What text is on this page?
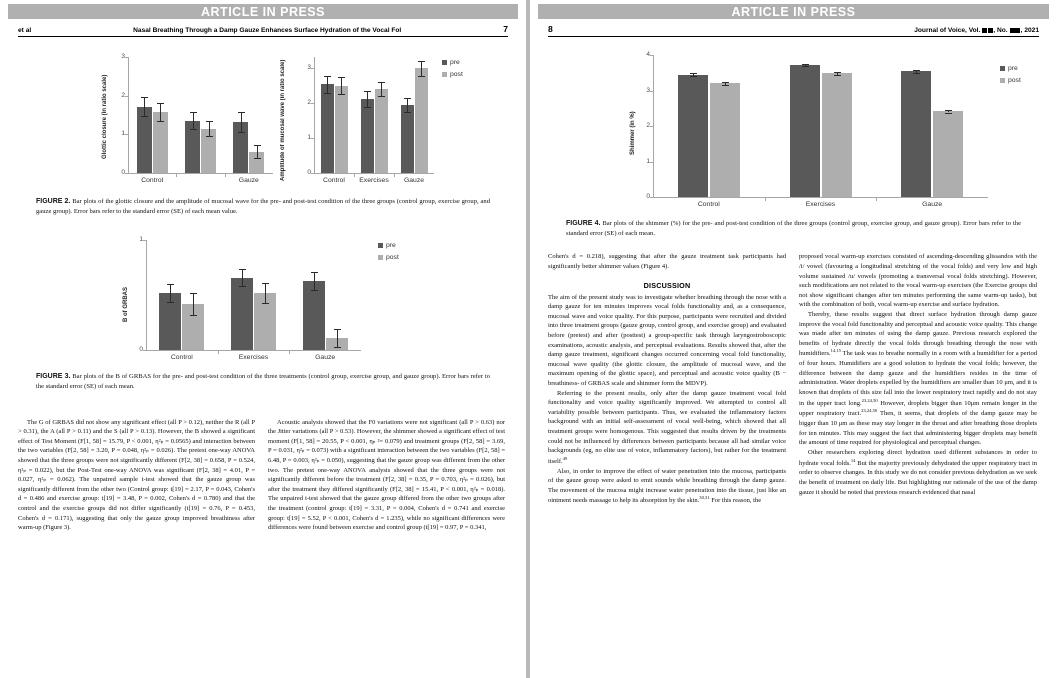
ARTICLE IN PRESS
et al	Nasal Breathing Through a Damp Gauze Enhances Surface Hydration of the Vocal Fol	7
Glottic closure (in ratio scale)
0
1
2
3
Control	Gauze	Amplitude of mucosal wave (in ratio scale)	0
1
2
3
Control	Exercises	Gauze
pre
post
FIGURE 2. Bar plots of the glottic closure and the amplitude of mucosal wave for the pre- and post-test condition of the three groups (control group, exercise group, and gauze group). Error bars refer to the standard error (SE) of each mean value.
B of GRBAS
0
1
Control	Exercises	Gauze
pre
post
FIGURE 3. Bar plots of the B of GRBAS for the pre- and post-test condition of the three treatments (control group, exercise group, and gauze group). Error bars refer to the standard error (SE) of each mean.

The G of GRBAS did not show any significant effect (all P > 0.12), neither the R (all P > 0.31), the A (all P > 0.11) and the S (all P > 0.13). However, the B showed a significant effect of Test Moment (F[1, 58] = 15.79, P < 0.001, η²ₚ = 0.0565) and interaction between the two variables (F[2, 58] = 3.20, P = 0.048, η²ₚ = 0.026). The pretest one-way ANOVA showed that the three groups were not significantly different (F[2, 38] = 0.658, P = 0.524, η²ₚ = 0.022), but the Post-Test one-way ANOVA was significant (F[2, 38] = 4.01, P = 0.027, η²ₚ = 0.062). The unpaired sample t-test showed that the gauze group was significantly different from the other two (Control group: t[19] = 2.17, P = 0.043, Cohen's d = 0.486 and exercise group: t[19] = 3.48, P = 0.002, Cohen's d = 0.780) and that the control and the exercise groups did not differ significantly (t[19] = 0.76, P = 0.453, Cohen's d = 0.171), suggesting that only the gauze group improved breathiness after warm-up (Figure 3).

Acoustic analysis showed that the F0 variations were not significant (all P > 0.63) nor the Jitter variations (all P > 0.53). However, the shimmer showed a significant effect of test moment (F[1, 58] = 20.55, P < 0.001, ηₚ ²= 0.079) and treatment groups (F[2, 58] = 3.69, P = 0.031, η²ₚ = 0.073) with a significant interaction between the two variables (F[2, 58] = 6.48, P = 0.003, η²ₚ = 0.050), suggesting that the gauze group was different from the other two. The pretest one-way ANOVA analysis showed that the three groups were not significantly different before the treatment (F[2, 38] = 0.35, P = 0.703, η²ₚ = 0.026), but after the treatment they differed significantly (F[2, 38] = 15.41, P < 0.001, η²ₚ = 0.018). The unpaired t-test showed that the gauze group differed from the other two groups after the treatment (control group: t[19] = 3.31, P = 0.004, Cohen's d = 0.741 and exercise group: t[19] = 5.52, P < 0.001, Cohen's d = 1.235), while no significant differences were differences were found between exercise and control group (t[19] = 0.97, P = 0.341,

ARTICLE IN PRESS
8	Journal of Voice, Vol. , No. , 2021
Shimmer (in %)
0
1
2
3
4
Control	Exercises	Gauze
pre
post
FIGURE 4. Bar plots of the shimmer (%) for the pre- and post-test condition of the three groups (control group, exercise group, and gauze group). Error bars refer to the standard error (SE) of each mean.

Cohen's d = 0.218), suggesting that after the gauze treatment task participants had significantly better shimmer values (Figure 4).

DISCUSSION

The aim of the present study was to investigate whether breathing through the nose with a damp gauze for ten minutes improves vocal folds functionality and, as a consequence, mucosal wave and voice quality. For this purpose, participants were recruited and divided into three treatment groups (gauze group, control group, and exercise group) and evaluated before (pretest) and after (posttest) a group-specific task through laryngostroboscopic examinations, acoustic analysis, and perceptual evaluations. Results showed that, after the damp gauze treatment, significant changes occurred concerning vocal fold functionality, mucosal wave quality (the glottic closure, the amplitude of mucosal wave, and the maximum opening of the glottic space), and perceptual and acoustic voice quality (B − breathiness- of GRBAS scale and shimmer form the MDVP).

Referring to the present results, only after the damp gauze treatment vocal fold functionality and voice quality significantly improved. We attempted to control all variability possible between participants. Thus, we evaluated the inflammatory factors background with an initial self-assessment of vocal well-being, which showed that all treatment groups were homogenous. This suggested that results driven by the treatments could not be influenced by differences between participants because all had similar voice backgrounds (eg, no elite use of voice, inflammatory factors), but rather for the treatment itself.$^{49}$

Also, in order to improve the effect of water penetration into the mucosa, participants of the gauze group were asked to emit sounds while breathing through the damp gauze. The movement of the mucosa might increase water penetration into the tissue, just like an ointment needs massage to help its absorption by the skin.$^{30,31}$ For this reason, the

proposed vocal warm-up exercises consisted of ascending-descending glissandos with the /i/ vowel (favouring a longitudinal stretching of the vocal folds) and very low and high volume sustained /u/ vowels (promoting a transversal vocal folds stretching). However, such modifications are not related to the vocal warm-up exercises (the Exercise groups did not show significant changes after ten minutes performing the same warm-up tasks), but with the combination of both, vocal warm-up exercise and surface hydration.

Thereby, these results suggest that direct surface hydration through damp gauze improve the vocal fold functionality and perceptual and acoustic voice quality. This change was made after ten minutes of using the damp gauze. Previous research explored the benefits of hydrate directly the vocal folds through breathing through the nose with humidifiers.$^{14,15}$ The task was to breathe normally in a room with a humidifier for a period of four hours. Humidifiers are a good solution to hydrate the vocal folds; however, the difference between the damp gauze and the humidifiers resides in the time of administration. Water droplets expelled by the humidifiers are smaller than 10 μm, and it is known that droplets of this size fall into the lower respiratory tract rapidly and do not stay in the upper tract long.$^{23,24,50}$ However, droplets bigger than 10μm remain longer in the upper respiratory tract.$^{23,24,50}$ Then, it seems, that droplets of the damp gauze may be bigger than 10 μm as these may stay longer in the throat and after breathing those droplets for ten minutes. This may suggest the fact that administering bigger droplets may benefit the amount of time required for physiological and perceptual changes.

Other researchers exploring direct hydration used different substances in order to hydrate vocal folds.$^{14}$ But the majority previously dehydrated the upper respiratory tract in order to observe changes. In this study we do not consider previous dehydration as we seek the benefit of treatment on daily life. But highlighting our rationale of the use of the damp gauze it should be noted that previous research evidenced that nasal
